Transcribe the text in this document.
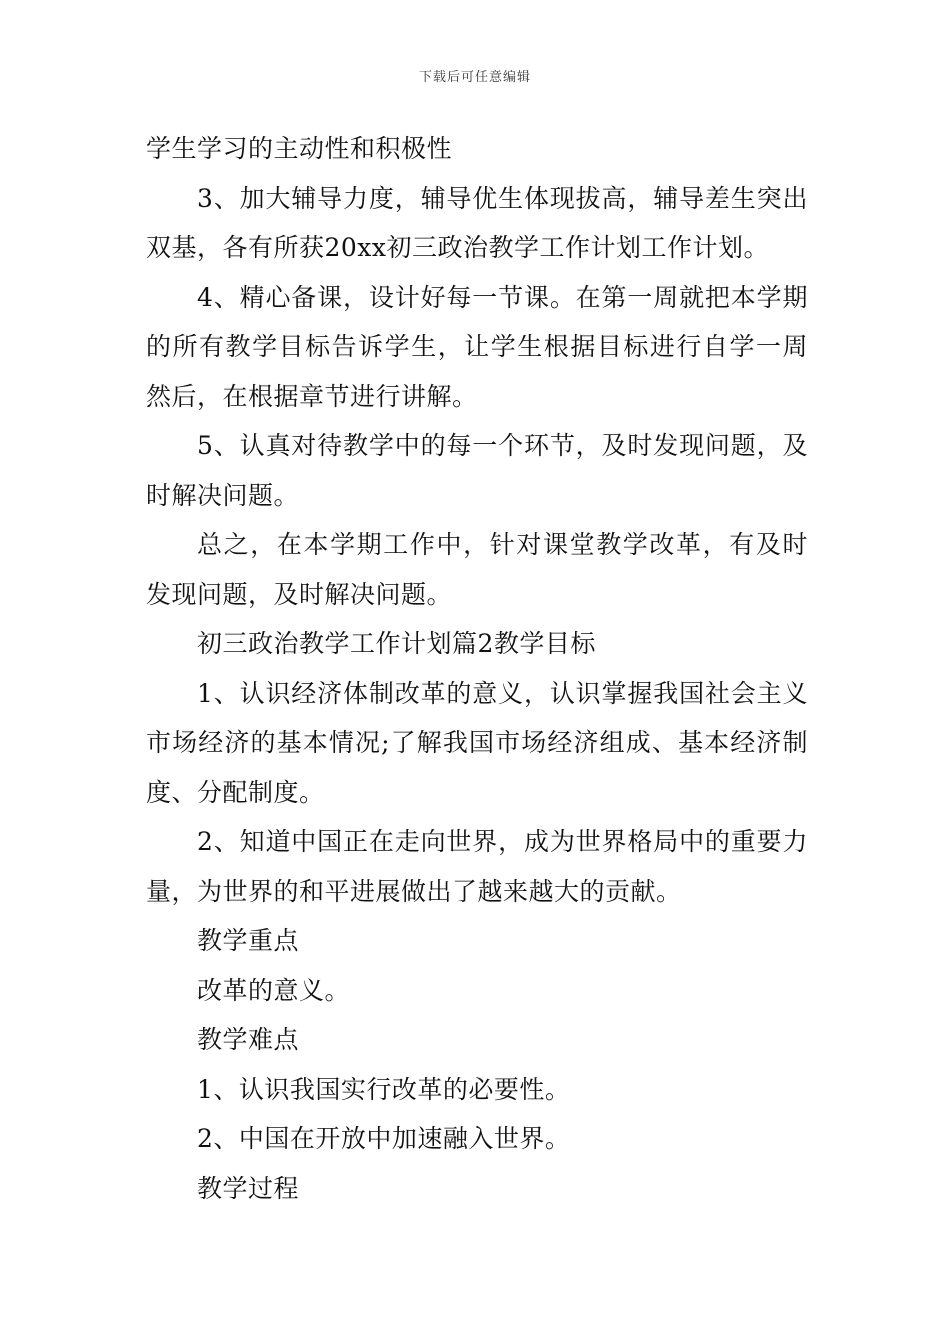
下载后可任意编辑

学生学习的主动性和积极性

3、加大辅导力度，辅导优生体现拔高，辅导差生突出双基，各有所获20xx初三政治教学工作计划工作计划。

4、精心备课，设计好每一节课。在第一周就把本学期的所有教学目标告诉学生，让学生根据目标进行自学一周然后，在根据章节进行讲解。

5、认真对待教学中的每一个环节，及时发现问题，及时解决问题。

总之，在本学期工作中，针对课堂教学改革，有及时发现问题，及时解决问题。

初三政治教学工作计划篇2教学目标

1、认识经济体制改革的意义，认识掌握我国社会主义市场经济的基本情况;了解我国市场经济组成、基本经济制度、分配制度。

2、知道中国正在走向世界，成为世界格局中的重要力量，为世界的和平进展做出了越来越大的贡献。

教学重点

改革的意义。

教学难点

1、认识我国实行改革的必要性。

2、中国在开放中加速融入世界。

教学过程
